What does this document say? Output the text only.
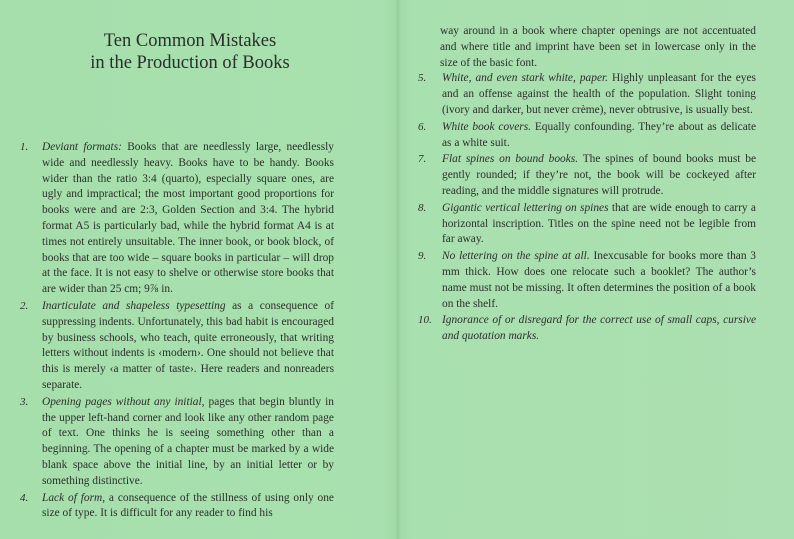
Ten Common Mistakes
in the Production of Books
1.	Deviant formats: Books that are needlessly large, needlessly wide and needlessly heavy. Books have to be handy. Books wider than the ratio 3:4 (quarto), especially square ones, are ugly and impractical; the most important good proportions for books were and are 2:3, Golden Section and 3:4. The hybrid format A5 is particularly bad, while the hybrid format A4 is at times not entirely unsuitable. The inner book, or book block, of books that are too wide – square books in particular – will drop at the face. It is not easy to shelve or otherwise store books that are wider than 25 cm; 9⅞ in.
2.	Inarticulate and shapeless typesetting as a consequence of suppressing indents. Unfortunately, this bad habit is encouraged by business schools, who teach, quite erroneously, that writing letters without indents is ‹modern›. One should not believe that this is merely ‹a matter of taste›. Here readers and nonreaders separate.
3.	Opening pages without any initial, pages that begin bluntly in the upper left-hand corner and look like any other random page of text. One thinks he is seeing something other than a beginning. The opening of a chapter must be marked by a wide blank space above the initial line, by an initial letter or by something distinctive.
4.	Lack of form, a consequence of the stillness of using only one size of type. It is difficult for any reader to find his
way around in a book where chapter openings are not accentuated and where title and imprint have been set in lowercase only in the size of the basic font.
5.	White, and even stark white, paper. Highly unpleasant for the eyes and an offense against the health of the population. Slight toning (ivory and darker, but never crème), never obtrusive, is usually best.
6.	White book covers. Equally confounding. They’re about as delicate as a white suit.
7.	Flat spines on bound books. The spines of bound books must be gently rounded; if they’re not, the book will be cockeyed after reading, and the middle signatures will protrude.
8.	Gigantic vertical lettering on spines that are wide enough to carry a horizontal inscription. Titles on the spine need not be legible from far away.
9.	No lettering on the spine at all. Inexcusable for books more than 3 mm thick. How does one relocate such a booklet? The author’s name must not be missing. It often determines the position of a book on the shelf.
10. Ignorance of or disregard for the correct use of small caps, cursive and quotation marks.
